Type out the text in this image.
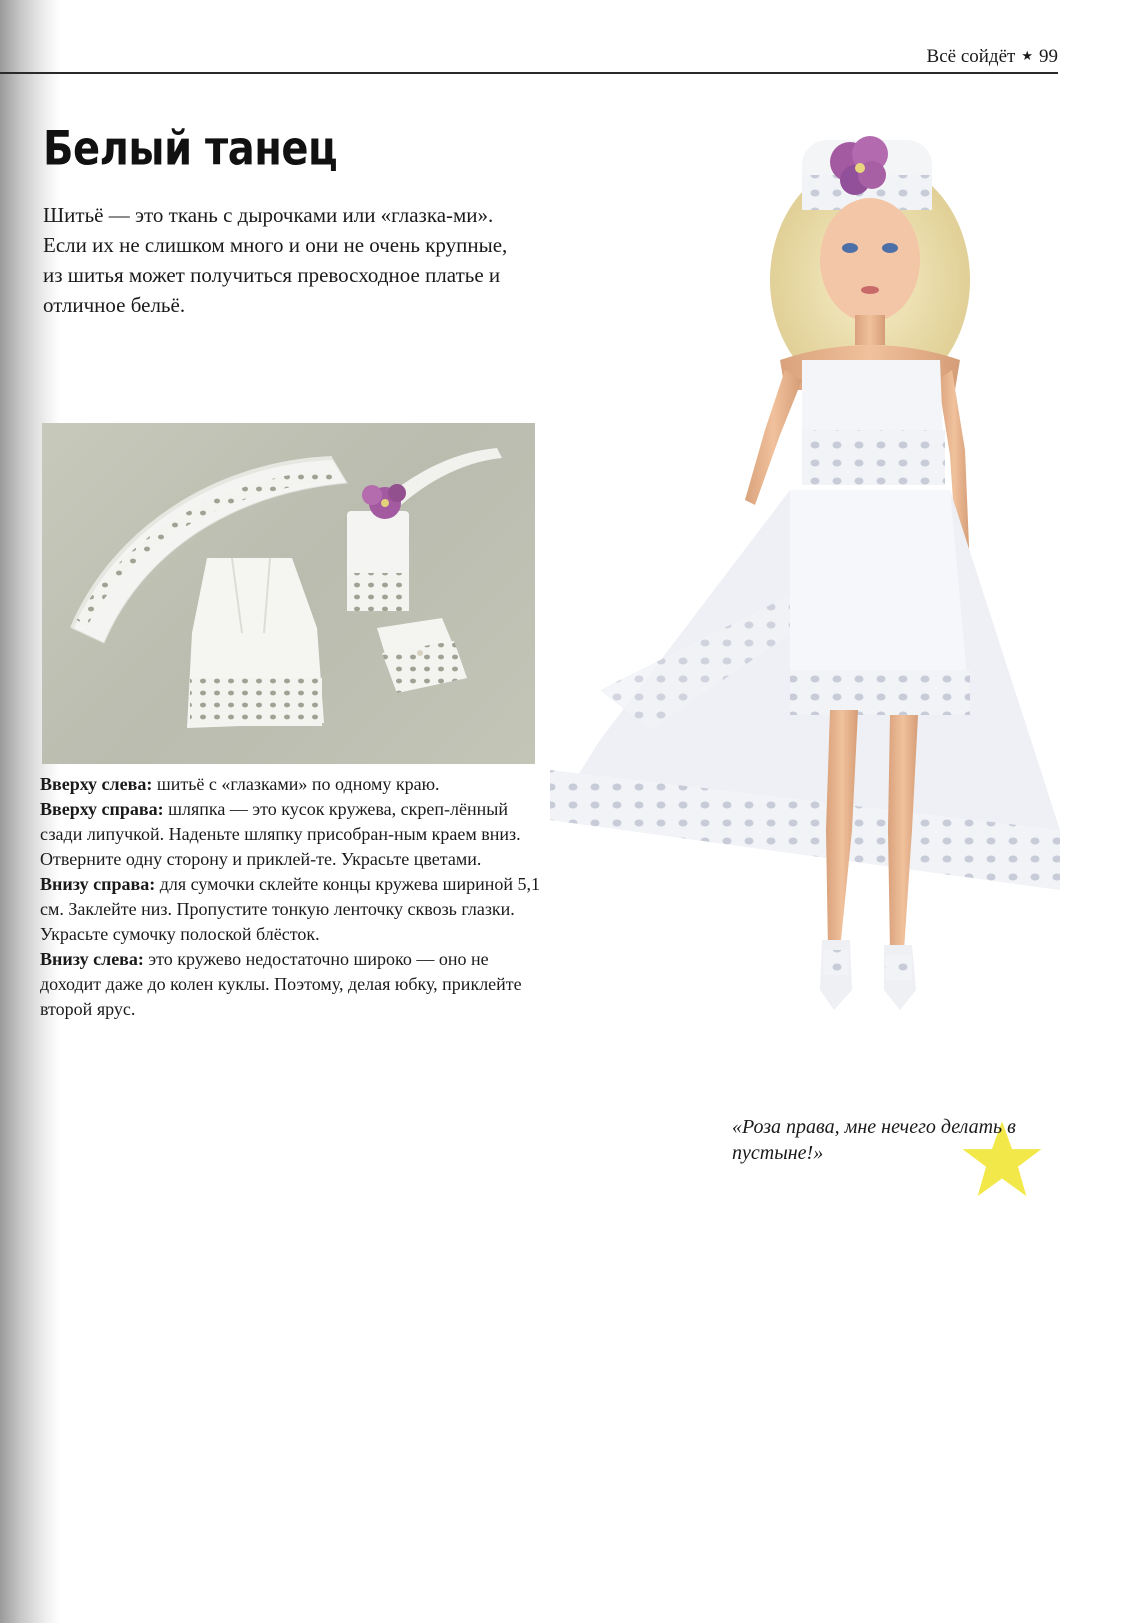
Всё сойдёт ★ 99
Белый танец

Шитьё — это ткань с дырочками или «глазка-ми». Если их не слишком много и они не очень крупные, из шитья может получиться превосходное платье и отличное бельё.

Вверху слева: шитьё с «глазками» по одному краю.

Вверху справа: шляпка — это кусок кружева, скреп-лённый сзади липучкой. Наденьте шляпку присобран-ным краем вниз. Отверните одну сторону и приклей-те. Украсьте цветами.

Внизу справа: для сумочки склейте концы кружева шириной 5,1 см. Заклейте низ. Пропустите тонкую ленточку сквозь глазки. Украсьте сумочку полоской блёсток.

Внизу слева: это кружево недостаточно широко — оно не доходит даже до колен куклы. Поэтому, делая юбку, приклейте второй ярус.

«Роза права, мне нечего делать в пустыне!»
